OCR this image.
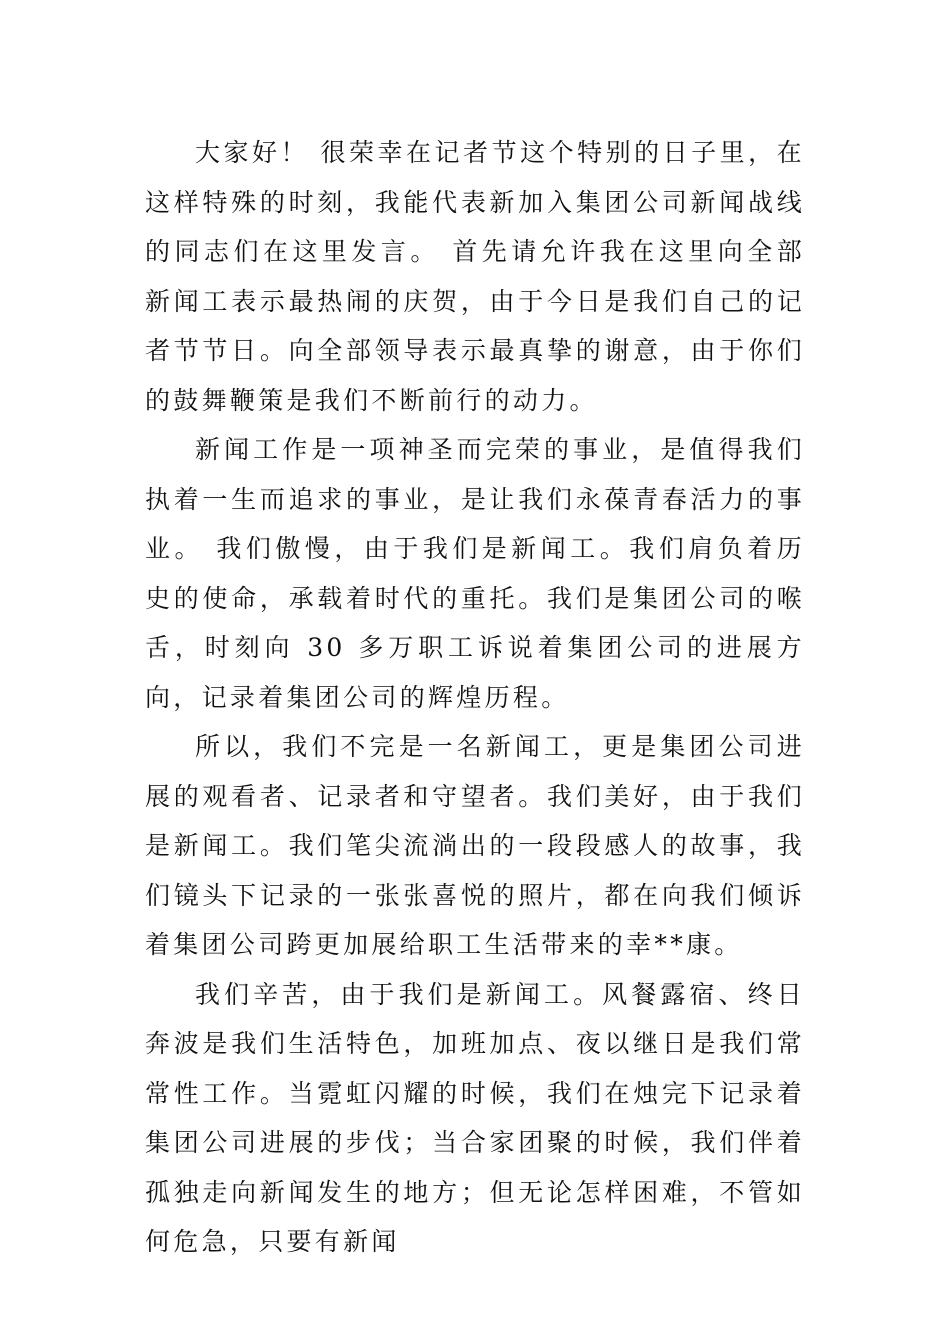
大家好！ 很荣幸在记者节这个特别的日子里，在这样特殊的时刻，我能代表新加入集团公司新闻战线的同志们在这里发言。 首先请允许我在这里向全部新闻工表示最热闹的庆贺，由于今日是我们自己的记者节节日。向全部领导表示最真挚的谢意，由于你们的鼓舞鞭策是我们不断前行的动力。

新闻工作是一项神圣而完荣的事业，是值得我们执着一生而追求的事业，是让我们永葆青春活力的事业。 我们傲慢，由于我们是新闻工。我们肩负着历史的使命，承载着时代的重托。我们是集团公司的喉舌，时刻向 30 多万职工诉说着集团公司的进展方向，记录着集团公司的辉煌历程。

所以，我们不完是一名新闻工，更是集团公司进展的观看者、记录者和守望者。我们美好，由于我们是新闻工。我们笔尖流淌出的一段段感人的故事，我们镜头下记录的一张张喜悦的照片，都在向我们倾诉着集团公司跨更加展给职工生活带来的幸**康。

我们辛苦，由于我们是新闻工。风餐露宿、终日奔波是我们生活特色，加班加点、夜以继日是我们常常性工作。当霓虹闪耀的时候，我们在烛完下记录着集团公司进展的步伐；当合家团聚的时候，我们伴着孤独走向新闻发生的地方；但无论怎样困难，不管如何危急，只要有新闻
